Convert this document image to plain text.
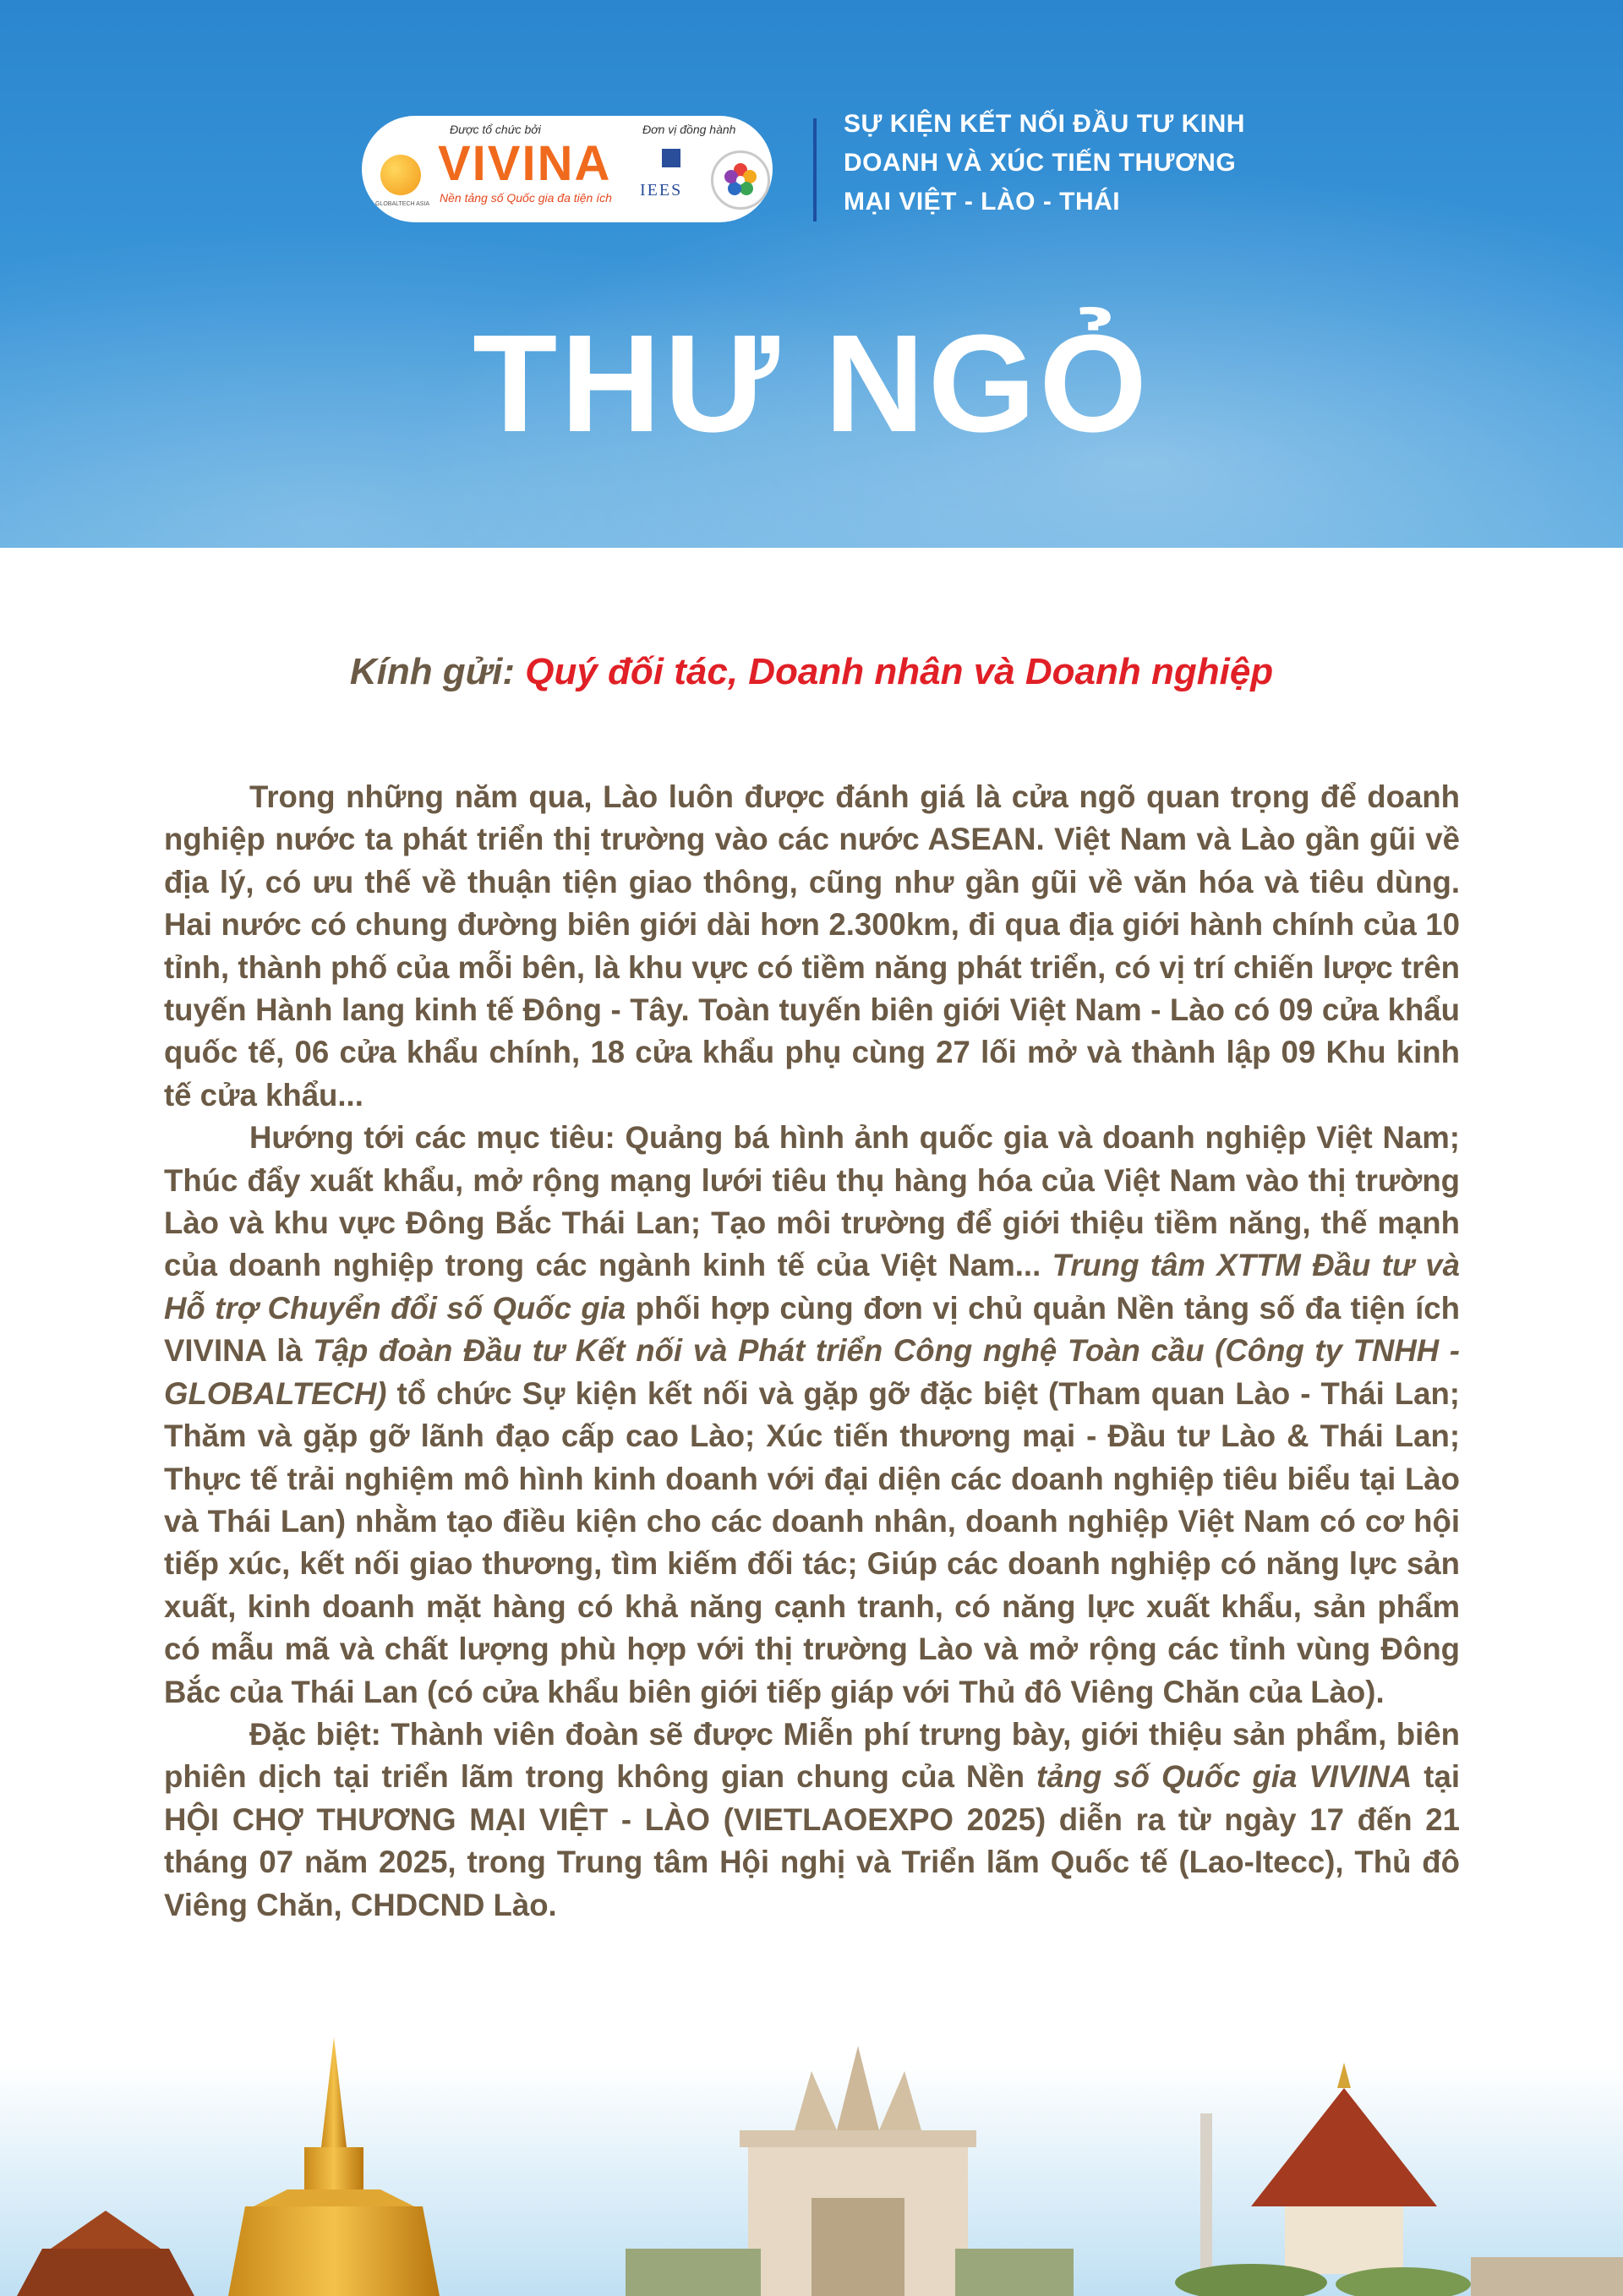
Được tổ chức bởi	Đơn vị đồng hành
GLOBALTECH ASIA
VIVINA
Nền tảng số Quốc gia đa tiện ích IEES
SỰ KIỆN KẾT NỐI ĐẦU TƯ KINH
DOANH VÀ XÚC TIẾN THƯƠNG
MẠI VIỆT - LÀO - THÁI
THƯ NGỎ
Kính gửi: Quý đối tác, Doanh nhân và Doanh nghiệp

Trong những năm qua, Lào luôn được đánh giá là cửa ngõ quan trọng để doanh nghiệp nước ta phát triển thị trường vào các nước ASEAN. Việt Nam và Lào gần gũi về địa lý, có ưu thế về thuận tiện giao thông, cũng như gần gũi về văn hóa và tiêu dùng. Hai nước có chung đường biên giới dài hơn 2.300km, đi qua địa giới hành chính của 10 tỉnh, thành phố của mỗi bên, là khu vực có tiềm năng phát triển, có vị trí chiến lược trên tuyến Hành lang kinh tế Đông - Tây. Toàn tuyến biên giới Việt Nam - Lào có 09 cửa khẩu quốc tế, 06 cửa khẩu chính, 18 cửa khẩu phụ cùng 27 lối mở và thành lập 09 Khu kinh tế cửa khẩu...

Hướng tới các mục tiêu: Quảng bá hình ảnh quốc gia và doanh nghiệp Việt Nam; Thúc đẩy xuất khẩu, mở rộng mạng lưới tiêu thụ hàng hóa của Việt Nam vào thị trường Lào và khu vực Đông Bắc Thái Lan; Tạo môi trường để giới thiệu tiềm năng, thế mạnh của doanh nghiệp trong các ngành kinh tế của Việt Nam... Trung tâm XTTM Đầu tư và Hỗ trợ Chuyển đổi số Quốc gia phối hợp cùng đơn vị chủ quản Nền tảng số đa tiện ích VIVINA là Tập đoàn Đầu tư Kết nối và Phát triển Công nghệ Toàn cầu (Công ty TNHH - GLOBALTECH) tổ chức Sự kiện kết nối và gặp gỡ đặc biệt (Tham quan Lào - Thái Lan; Thăm và gặp gỡ lãnh đạo cấp cao Lào; Xúc tiến thương mại - Đầu tư Lào & Thái Lan; Thực tế trải nghiệm mô hình kinh doanh với đại diện các doanh nghiệp tiêu biểu tại Lào và Thái Lan) nhằm tạo điều kiện cho các doanh nhân, doanh nghiệp Việt Nam có cơ hội tiếp xúc, kết nối giao thương, tìm kiếm đối tác; Giúp các doanh nghiệp có năng lực sản xuất, kinh doanh mặt hàng có khả năng cạnh tranh, có năng lực xuất khẩu, sản phẩm có mẫu mã và chất lượng phù hợp với thị trường Lào và mở rộng các tỉnh vùng Đông Bắc của Thái Lan (có cửa khẩu biên giới tiếp giáp với Thủ đô Viêng Chăn của Lào).

Đặc biệt: Thành viên đoàn sẽ được Miễn phí trưng bày, giới thiệu sản phẩm, biên phiên dịch tại triển lãm trong không gian chung của Nền tảng số Quốc gia VIVINA tại HỘI CHỢ THƯƠNG MẠI VIỆT - LÀO (VIETLAOEXPO 2025) diễn ra từ ngày 17 đến 21 tháng 07 năm 2025, trong Trung tâm Hội nghị và Triển lãm Quốc tế (Lao-Itecc), Thủ đô Viêng Chăn, CHDCND Lào.
